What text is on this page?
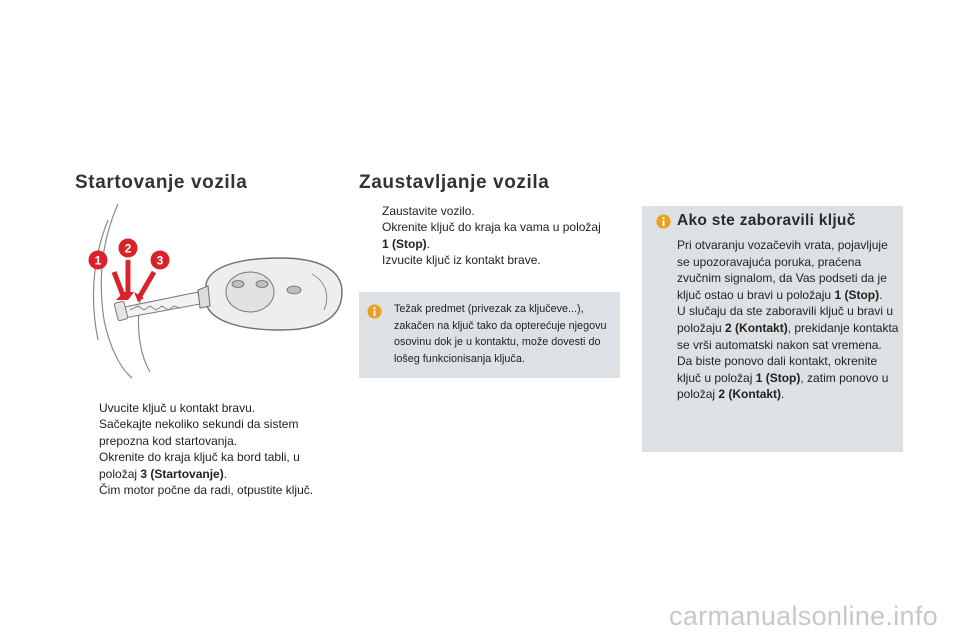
Startovanje vozila
1
2
3
Uvucite ključ u kontakt bravu.
Sačekajte nekoliko sekundi da sistem prepozna kod startovanja.
Okrenite do kraja ključ ka bord tabli, u položaj 3 (Startovanje).
Čim motor počne da radi, otpustite ključ.
Zaustavljanje vozila
Zaustavite vozilo.
Okrenite ključ do kraja ka vama u položaj 1 (Stop).
Izvucite ključ iz kontakt brave.

Težak predmet (privezak za ključeve...), zakačen na ključ tako da opterećuje njegovu osovinu dok je u kontaktu, može dovesti do lošeg funkcionisanja ključa.

Ako ste zaboravili ključ

Pri otvaranju vozačevih vrata, pojavljuje se upozoravajuća poruka, praćena zvučnim signalom, da Vas podseti da je ključ ostao u bravi u položaju 1 (Stop).
U slučaju da ste zaboravili ključ u bravi u položaju 2 (Kontakt), prekidanje kontakta se vrši automatski nakon sat vremena.
Da biste ponovo dali kontakt, okrenite ključ u položaj 1 (Stop), zatim ponovo u položaj 2 (Kontakt).

carmanualsonline.info
